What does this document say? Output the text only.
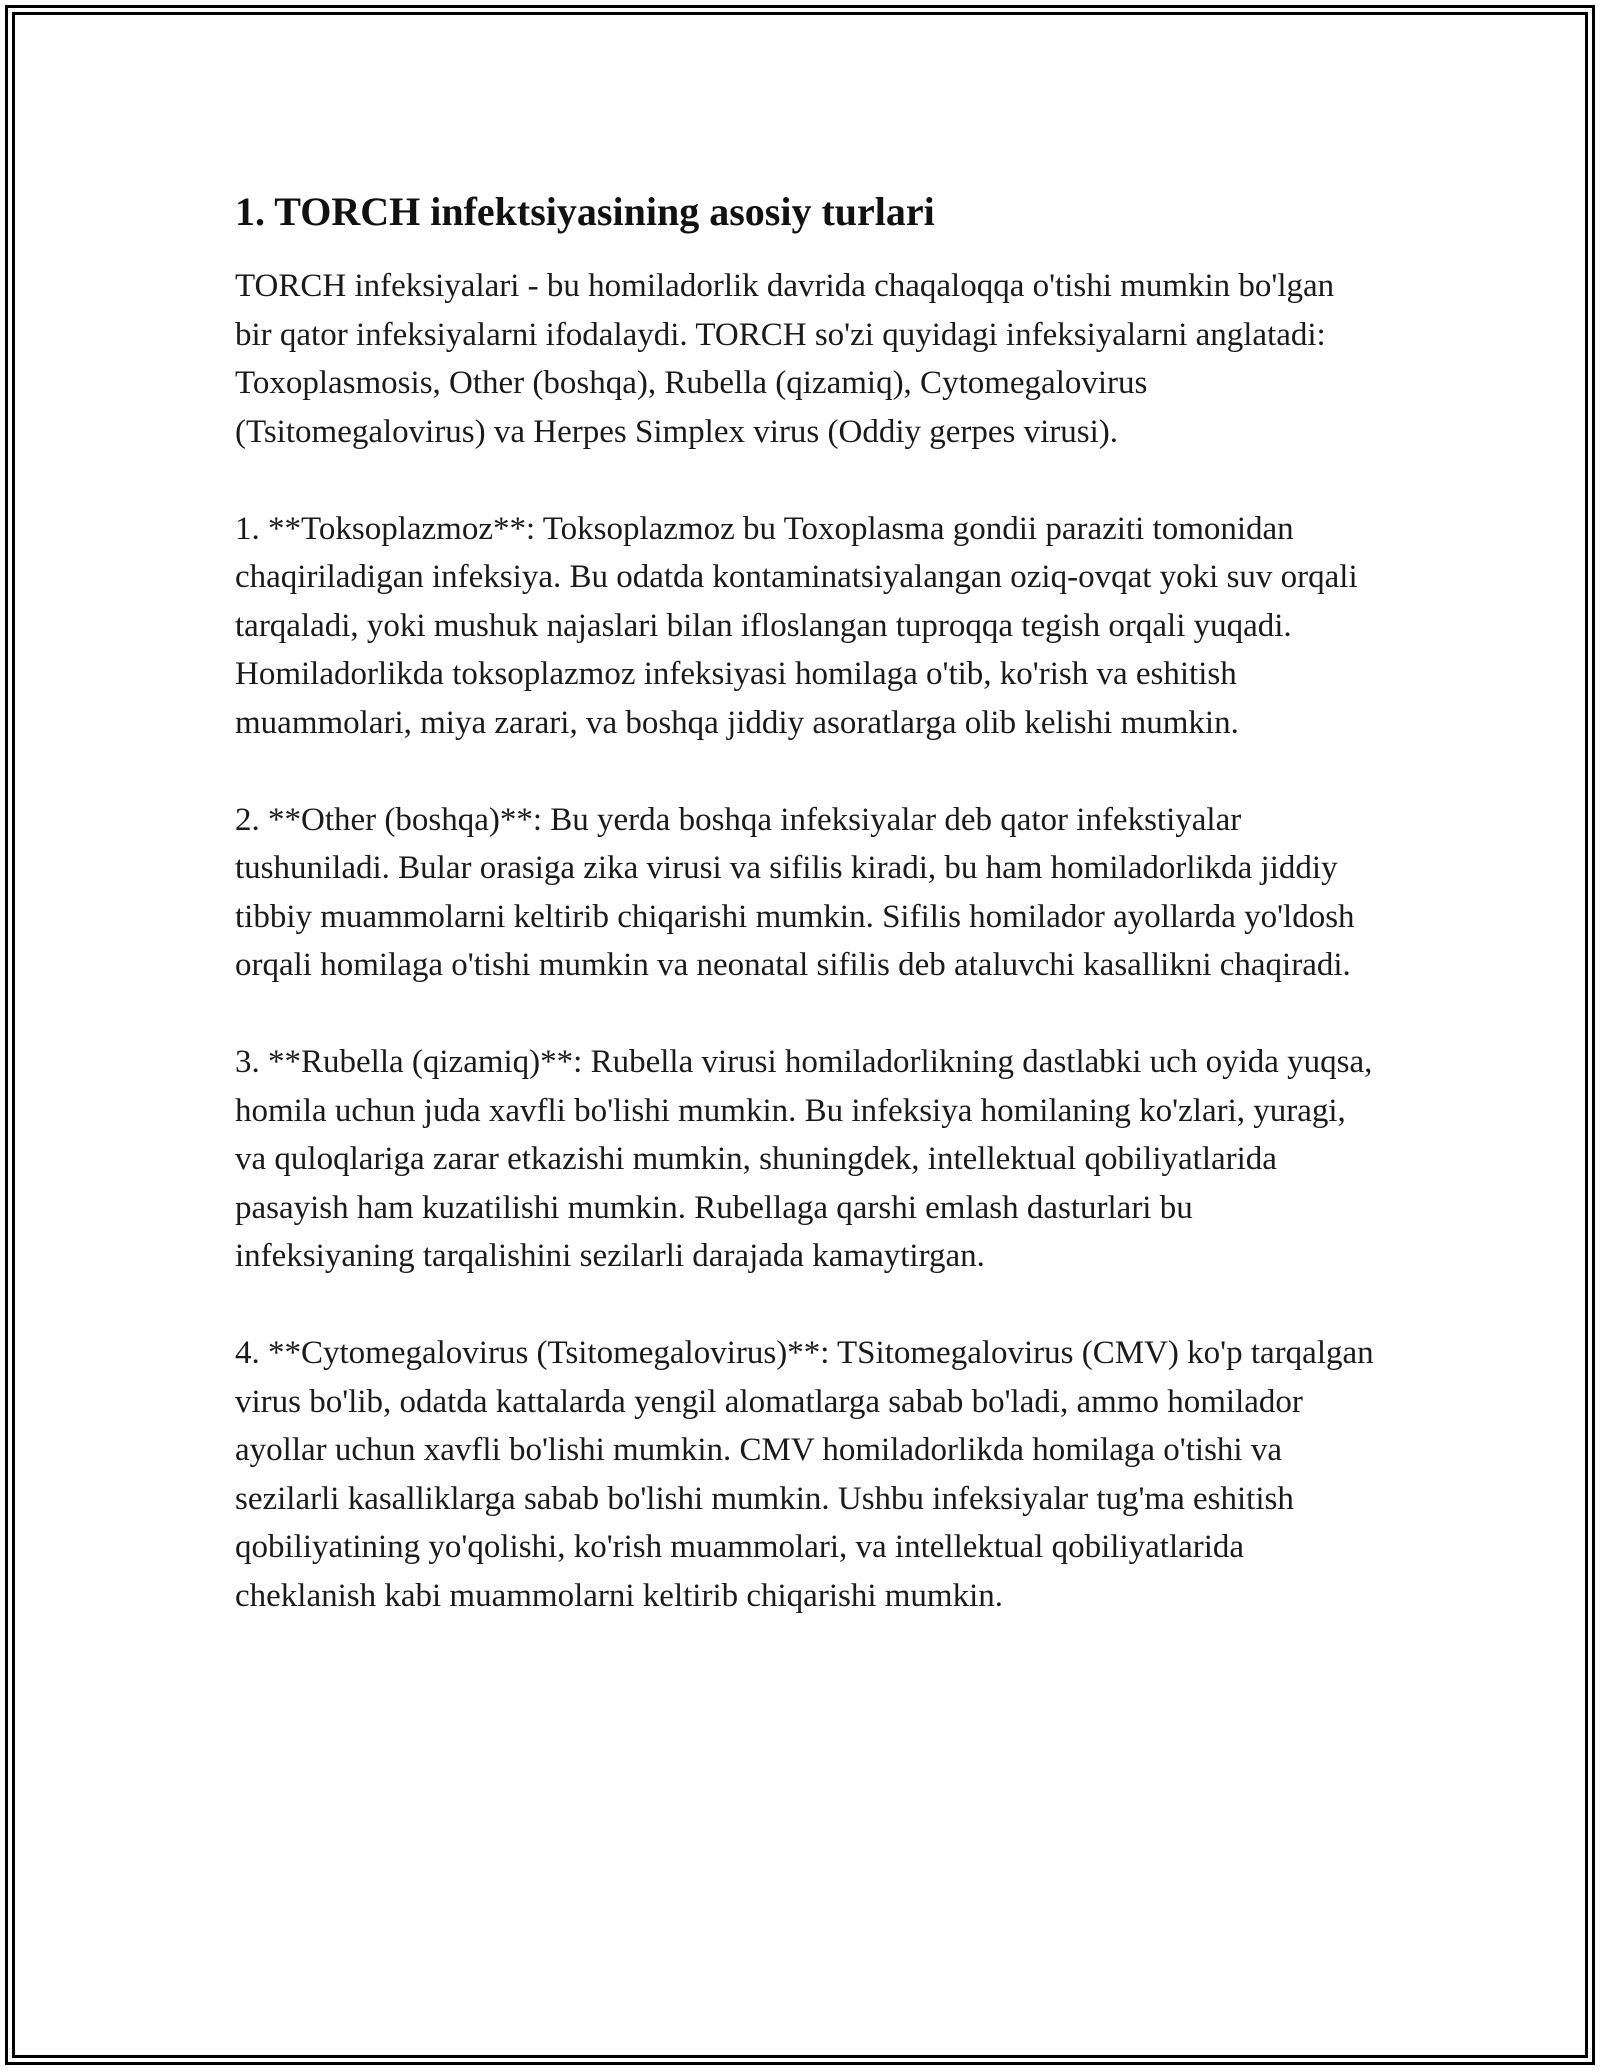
1. TORCH infektsiyasining asosiy turlari

TORCH infeksiyalari - bu homiladorlik davrida chaqaloqqa o'tishi mumkin bo'lgan bir qator infeksiyalarni ifodalaydi. TORCH so'zi quyidagi infeksiyalarni anglatadi: Toxoplasmosis, Other (boshqa), Rubella (qizamiq), Cytomegalovirus (Tsitomegalovirus) va Herpes Simplex virus (Oddiy gerpes virusi).

1. **Toksoplazmoz**: Toksoplazmoz bu Toxoplasma gondii paraziti tomonidan chaqiriladigan infeksiya. Bu odatda kontaminatsiyalangan oziq-ovqat yoki suv orqali tarqaladi, yoki mushuk najaslari bilan ifloslangan tuproqqa tegish orqali yuqadi. Homiladorlikda toksoplazmoz infeksiyasi homilaga o'tib, ko'rish va eshitish muammolari, miya zarari, va boshqa jiddiy asoratlarga olib kelishi mumkin.

2. **Other (boshqa)**: Bu yerda boshqa infeksiyalar deb qator infekstiyalar tushuniladi. Bular orasiga zika virusi va sifilis kiradi, bu ham homiladorlikda jiddiy tibbiy muammolarni keltirib chiqarishi mumkin. Sifilis homilador ayollarda yo'ldosh orqali homilaga o'tishi mumkin va neonatal sifilis deb ataluvchi kasallikni chaqiradi.

3. **Rubella (qizamiq)**: Rubella virusi homiladorlikning dastlabki uch oyida yuqsa, homila uchun juda xavfli bo'lishi mumkin. Bu infeksiya homilaning ko'zlari, yuragi, va quloqlariga zarar etkazishi mumkin, shuningdek, intellektual qobiliyatlarida pasayish ham kuzatilishi mumkin. Rubellaga qarshi emlash dasturlari bu infeksiyaning tarqalishini sezilarli darajada kamaytirgan.

4. **Cytomegalovirus (Tsitomegalovirus)**: TSitomegalovirus (CMV) ko'p tarqalgan virus bo'lib, odatda kattalarda yengil alomatlarga sabab bo'ladi, ammo homilador ayollar uchun xavfli bo'lishi mumkin. CMV homiladorlikda homilaga o'tishi va sezilarli kasalliklarga sabab bo'lishi mumkin. Ushbu infeksiyalar tug'ma eshitish qobiliyatining yo'qolishi, ko'rish muammolari, va intellektual qobiliyatlarida cheklanish kabi muammolarni keltirib chiqarishi mumkin.
